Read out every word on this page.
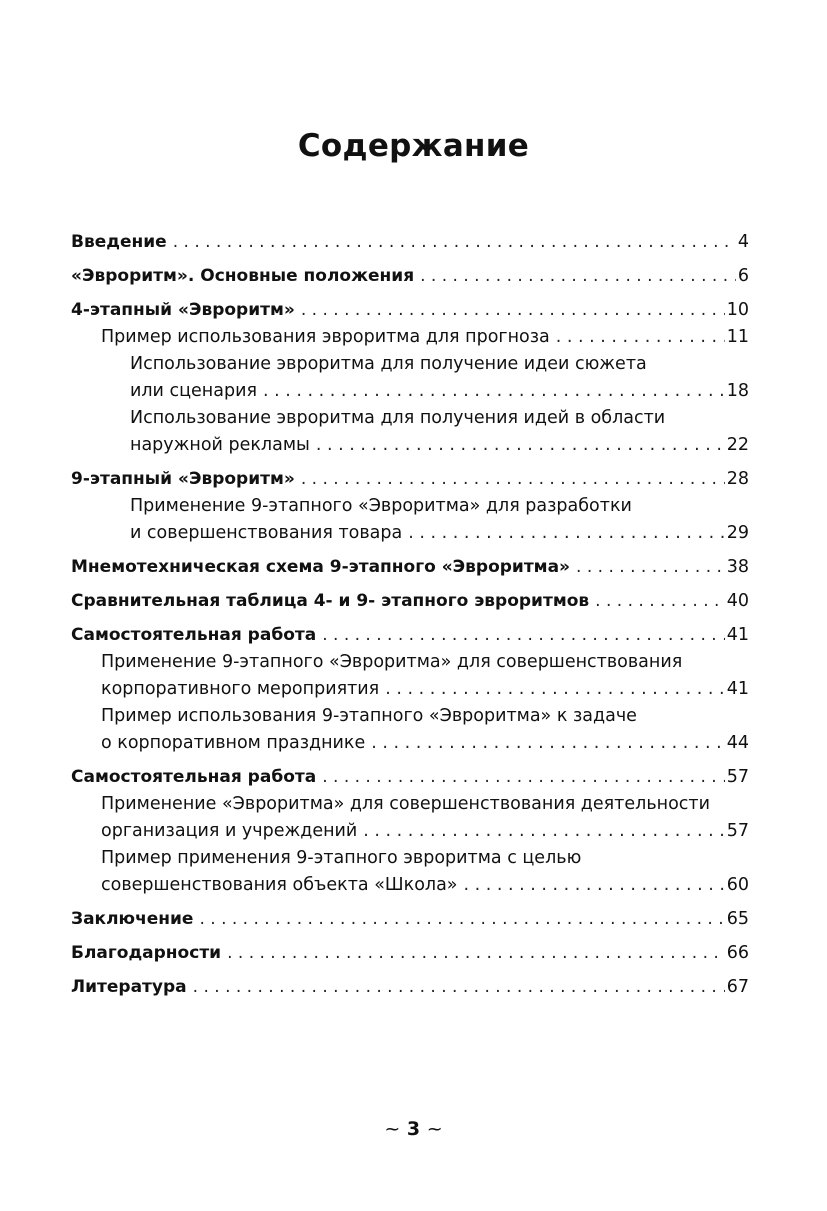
Содержание
Введение . . .	4
«Эвроритм». Основные положения . . .	6
4-этапный «Эвроритм» . . .	10
Пример использования эвроритма для прогноза . . .	11
Использование эвроритма для получение идеи сюжета
или сценария . . .	18
Использование эвроритма для получения идей в области
наружной рекламы . . .	22
9-этапный «Эвроритм» . . .	28
Применение 9-этапного «Эвроритма» для разработки
и совершенствования товара . . .	29
Мнемотехническая схема 9-этапного «Эвроритма» . . .	38
Сравнительная таблица 4- и 9- этапного эвроритмов . . .	40
Самостоятельная работа . . .	41
Применение 9-этапного «Эвроритма» для совершенствования
корпоративного мероприятия . . .	41
Пример использования 9-этапного «Эвроритма» к задаче
о корпоративном празднике . . .	44
Самостоятельная работа . . .	57
Применение «Эвроритма» для совершенствования деятельности
организация и учреждений . . .	57
Пример применения 9-этапного эвроритма с целью
совершенствования объекта «Школа» . . .	60
Заключение . . .	65
Благодарности . . .	66
Литература . . .	67
~ 3 ~
